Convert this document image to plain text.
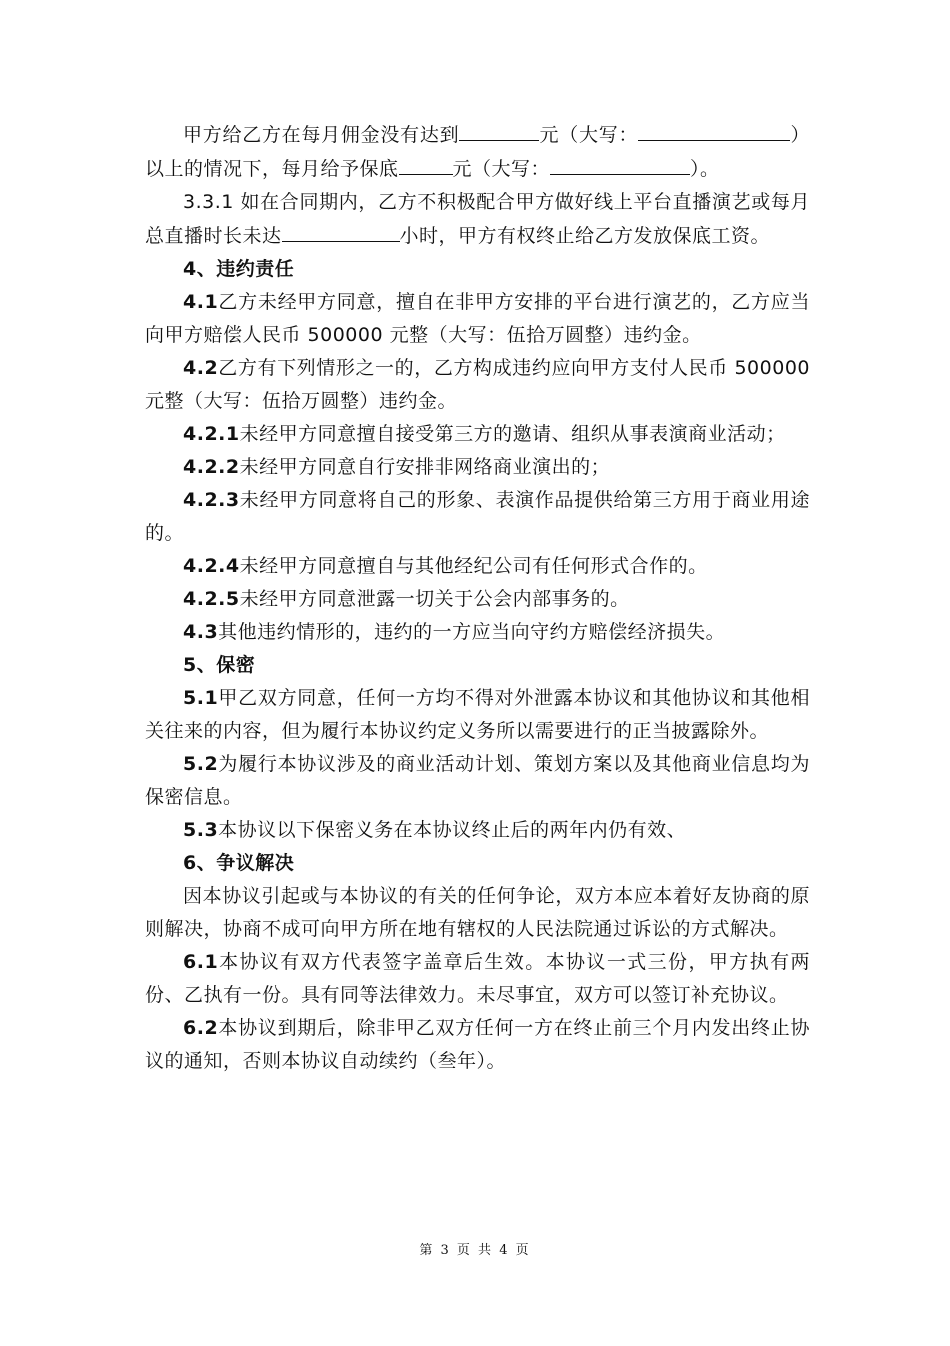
甲方给乙方在每月佣金没有达到	元（大写：	）以上的情况下，每月给予保底	元（大写：	）。

3.3.1 如在合同期内，乙方不积极配合甲方做好线上平台直播演艺或每月总直播时长未达	小时，甲方有权终止给乙方发放保底工资。

4、违约责任

4.1乙方未经甲方同意，擅自在非甲方安排的平台进行演艺的，乙方应当向甲方赔偿人民币 500000 元整（大写：伍拾万圆整）违约金。

4.2乙方有下列情形之一的，乙方构成违约应向甲方支付人民币 500000 元整（大写：伍拾万圆整）违约金。

4.2.1未经甲方同意擅自接受第三方的邀请、组织从事表演商业活动；

4.2.2未经甲方同意自行安排非网络商业演出的；

4.2.3未经甲方同意将自己的形象、表演作品提供给第三方用于商业用途的。

4.2.4未经甲方同意擅自与其他经纪公司有任何形式合作的。

4.2.5未经甲方同意泄露一切关于公会内部事务的。

4.3其他违约情形的，违约的一方应当向守约方赔偿经济损失。

5、保密

5.1甲乙双方同意，任何一方均不得对外泄露本协议和其他协议和其他相关往来的内容，但为履行本协议约定义务所以需要进行的正当披露除外。

5.2为履行本协议涉及的商业活动计划、策划方案以及其他商业信息均为保密信息。

5.3本协议以下保密义务在本协议终止后的两年内仍有效、

6、争议解决

因本协议引起或与本协议的有关的任何争论，双方本应本着好友协商的原则解决，协商不成可向甲方所在地有辖权的人民法院通过诉讼的方式解决。

6.1本协议有双方代表签字盖章后生效。本协议一式三份，甲方执有两份、乙执有一份。具有同等法律效力。未尽事宜，双方可以签订补充协议。

6.2本协议到期后，除非甲乙双方任何一方在终止前三个月内发出终止协议的通知，否则本协议自动续约（叁年）。

第 3 页 共 4 页
